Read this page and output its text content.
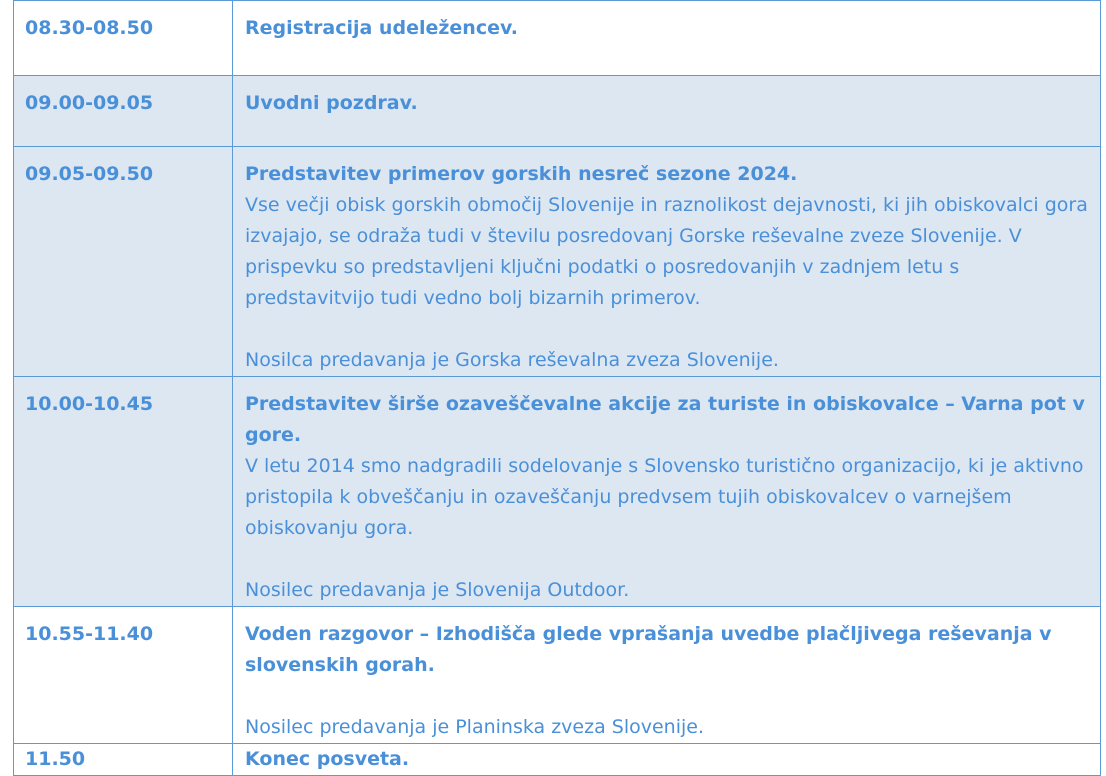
08.30-08.50	Registracija udeležencev.

09.00-09.05	Uvodni pozdrav.

09.05-09.50	Predstavitev primerov gorskih nesreč sezone 2024.
Vse večji obisk gorskih območij Slovenije in raznolikost dejavnosti, ki jih obiskovalci gora izvajajo, se odraža tudi v številu posredovanj Gorske reševalne zveze Slovenije. V prispevku so predstavljeni ključni podatki o posredovanjih v zadnjem letu s predstavitvijo tudi vedno bolj bizarnih primerov.
Nosilca predavanja je Gorska reševalna zveza Slovenije.

10.00-10.45	Predstavitev širše ozaveščevalne akcije za turiste in obiskovalce – Varna pot v gore.
V letu 2014 smo nadgradili sodelovanje s Slovensko turistično organizacijo, ki je aktivno pristopila k obveščanju in ozaveščanju predvsem tujih obiskovalcev o varnejšem obiskovanju gora.
Nosilec predavanja je Slovenija Outdoor.

10.55-11.40	Voden razgovor – Izhodišča glede vprašanja uvedbe plačljivega reševanja v slovenskih gorah.
Nosilec predavanja je Planinska zveza Slovenije.

11.50	Konec posveta.
